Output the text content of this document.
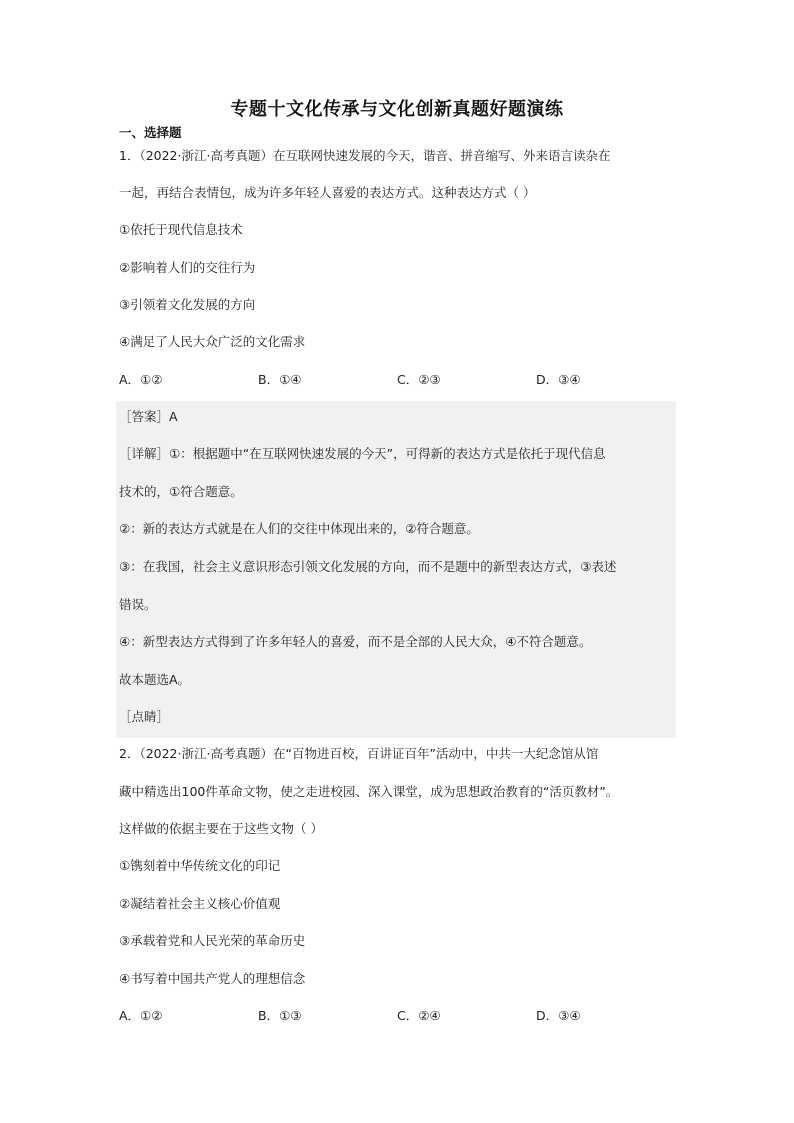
专题十文化传承与文化创新真题好题演练
一、选择题
1．（2022·浙江·高考真题）在互联网快速发展的今天，谐音、拼音缩写、外来语言读杂在
一起，再结合表情包，成为许多年轻人喜爱的表达方式。这种表达方式（ ）
①依托于现代信息技术
②影响着人们的交往行为
③引领着文化发展的方向
④满足了人民大众广泛的文化需求
A．①②	B．①④	C．②③	D．③④
［答案］A
［详解］①：根据题中“在互联网快速发展的今天”，可得新的表达方式是依托于现代信息
技术的，①符合题意。
②：新的表达方式就是在人们的交往中体现出来的，②符合题意。
③：在我国，社会主义意识形态引领文化发展的方向，而不是题中的新型表达方式，③表述
错误。
④：新型表达方式得到了许多年轻人的喜爱，而不是全部的人民大众，④不符合题意。
故本题选A。
［点睛］
2．（2022·浙江·高考真题）在“百物进百校，百讲证百年”活动中，中共一大纪念馆从馆
藏中精选出100件革命文物，使之走进校园、深入课堂，成为思想政治教育的“活页教材”。
这样做的依据主要在于这些文物（ ）
①镌刻着中华传统文化的印记
②凝结着社会主义核心价值观
③承载着党和人民光荣的革命历史
④书写着中国共产党人的理想信念
A．①②	B．①③	C．②④	D．③④
